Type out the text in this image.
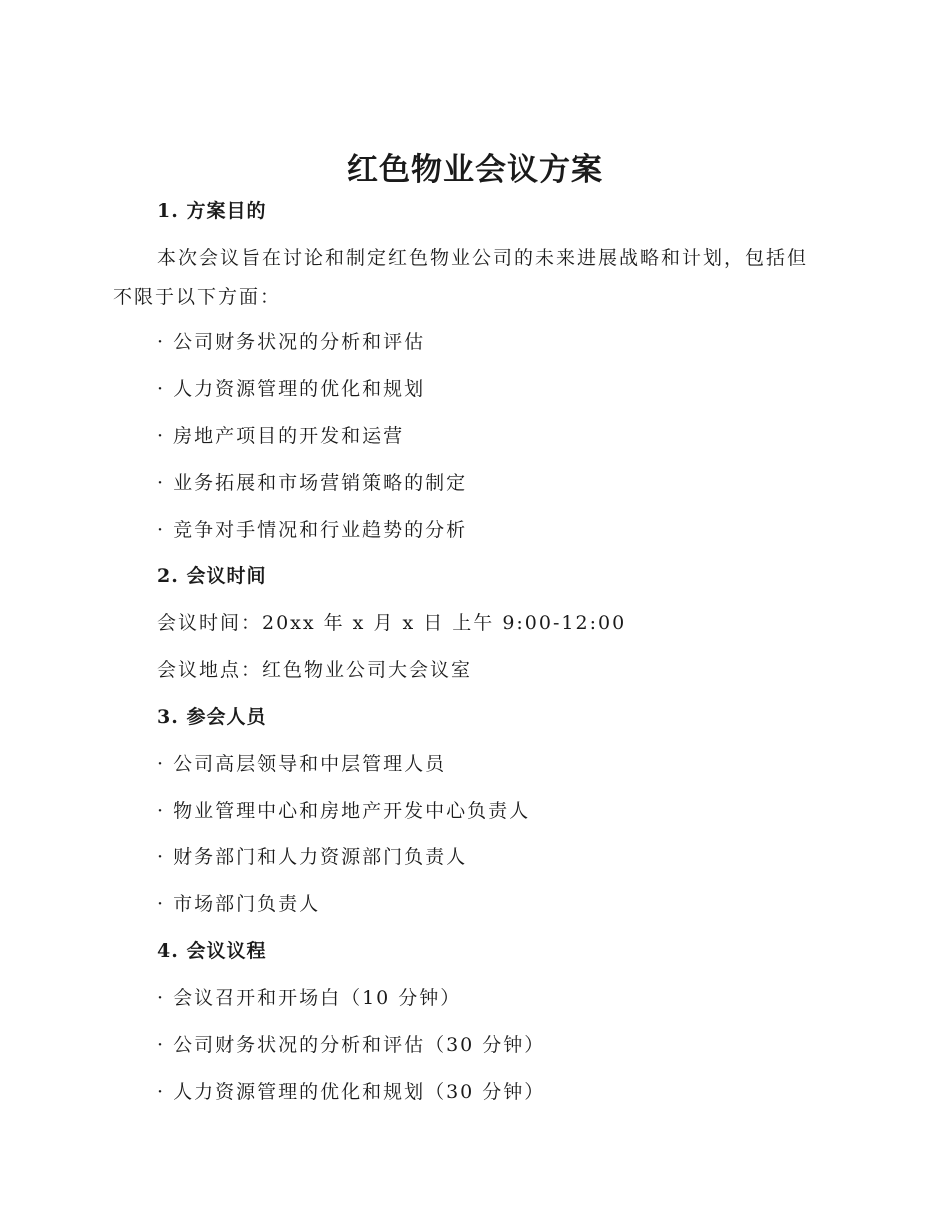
红色物业会议方案
1. 方案目的
本次会议旨在讨论和制定红色物业公司的未来进展战略和计划，包括但
不限于以下方面：
· 公司财务状况的分析和评估
· 人力资源管理的优化和规划
· 房地产项目的开发和运营
· 业务拓展和市场营销策略的制定
· 竞争对手情况和行业趋势的分析
2. 会议时间
会议时间：20xx 年 x 月 x 日 上午 9:00-12:00
会议地点：红色物业公司大会议室
3. 参会人员
· 公司高层领导和中层管理人员
· 物业管理中心和房地产开发中心负责人
· 财务部门和人力资源部门负责人
· 市场部门负责人
4. 会议议程
· 会议召开和开场白（10 分钟）
· 公司财务状况的分析和评估（30 分钟）
· 人力资源管理的优化和规划（30 分钟）
